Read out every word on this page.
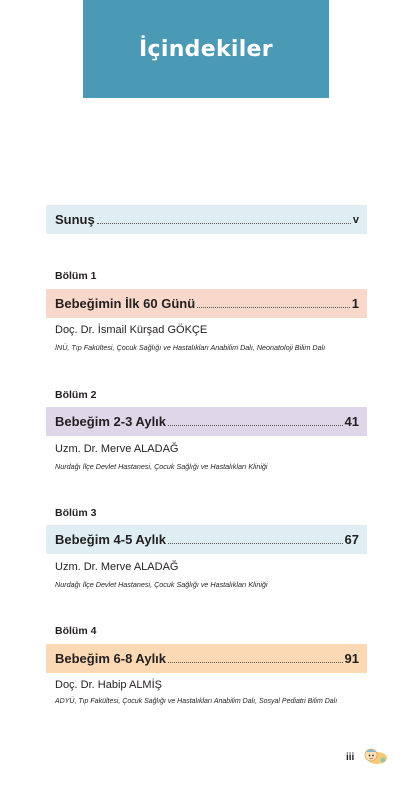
İçindekiler
Sunuş	v
Bölüm 1
Bebeğimin İlk 60 Günü	1
Doç. Dr. İsmail Kürşad GÖKÇE
İNÜ, Tıp Fakültesi, Çocuk Sağlığı ve Hastalıkları Anabilim Dalı, Neonatoloji Bilim Dalı
Bölüm 2
Bebeğim 2-3 Aylık	41
Uzm. Dr. Merve ALADAĞ
Nurdağı İlçe Devlet Hastanesi, Çocuk Sağlığı ve Hastalıkları Kliniği
Bölüm 3
Bebeğim 4-5 Aylık	67
Uzm. Dr. Merve ALADAĞ
Nurdağı İlçe Devlet Hastanesi, Çocuk Sağlığı ve Hastalıkları Kliniği
Bölüm 4
Bebeğim 6-8 Aylık	91
Doç. Dr. Habip ALMİŞ
ADYÜ, Tıp Fakültesi, Çocuk Sağlığı ve Hastalıkları Anabilim Dalı, Sosyal Pediatri Bilim Dalı
iii
